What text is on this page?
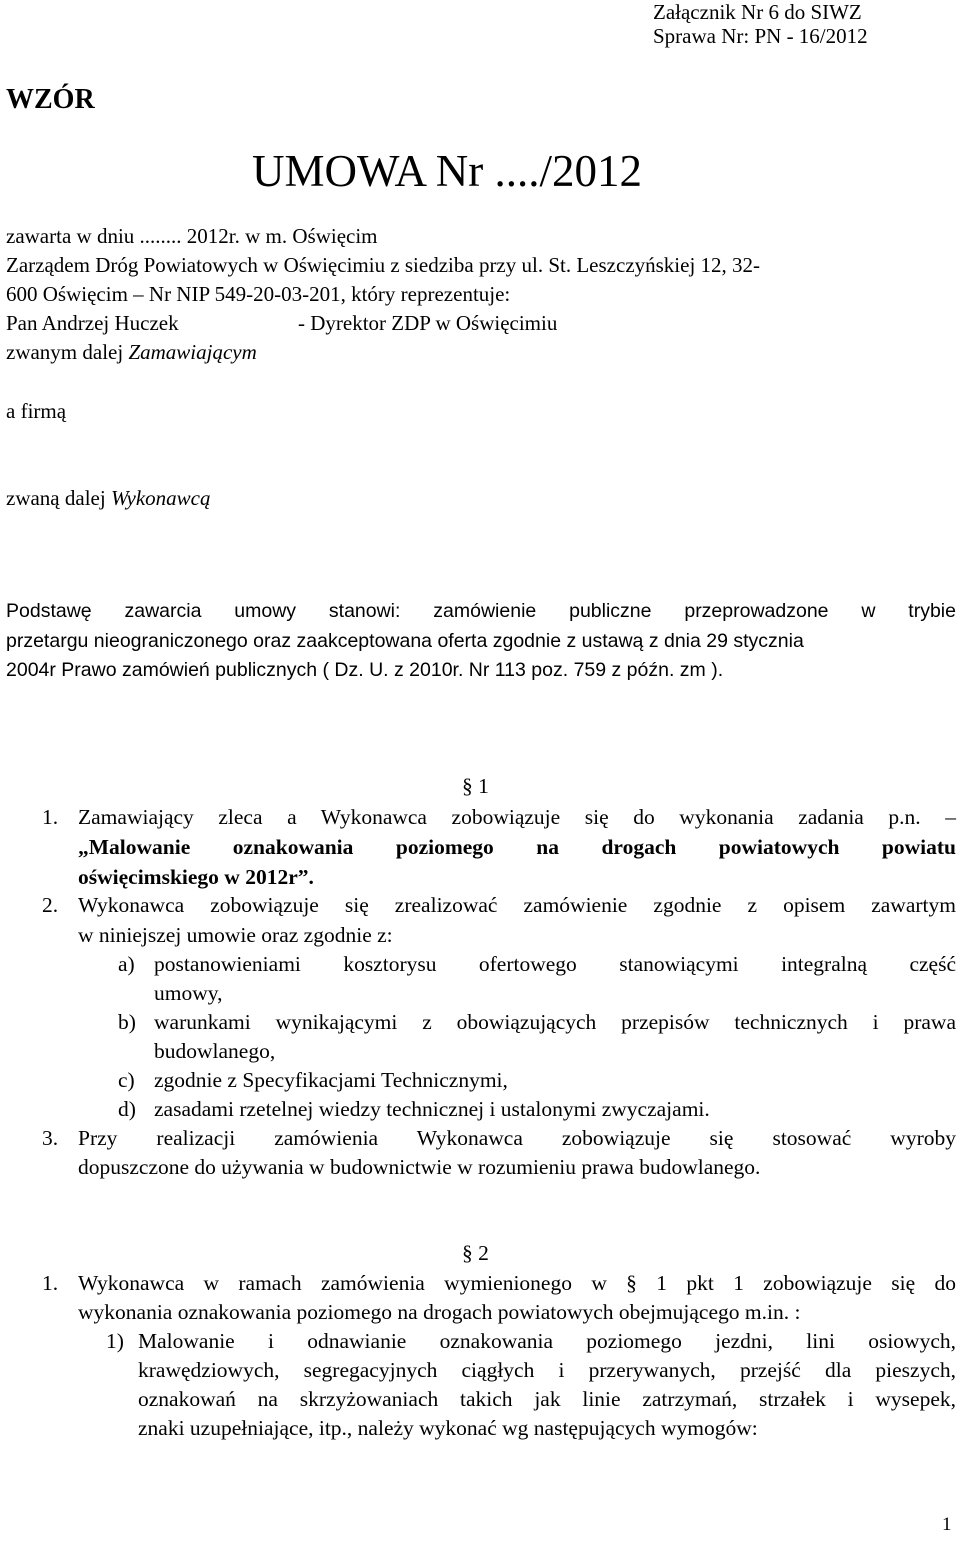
Załącznik Nr 6 do SIWZ
Sprawa Nr: PN - 16/2012
WZÓR
UMOWA Nr ..../2012
zawarta w dniu ........ 2012r. w m. Oświęcim
Zarządem Dróg Powiatowych w Oświęcimiu z siedziba przy ul. St. Leszczyńskiej 12, 32-
600 Oświęcim – Nr NIP 549-20-03-201, który reprezentuje:
Pan Andrzej Huczek	- Dyrektor ZDP w Oświęcimiu
zwanym dalej Zamawiającym
a firmą
zwaną dalej Wykonawcą
Podstawę zawarcia umowy stanowi: zamówienie publiczne przeprowadzone w trybie
przetargu nieograniczonego oraz zaakceptowana oferta zgodnie z ustawą z dnia 29 stycznia
2004r Prawo zamówień publicznych ( Dz. U. z 2010r. Nr 113 poz. 759 z późn. zm ).
§ 1
1. Zamawiający zleca a Wykonawca zobowiązuje się do wykonania zadania p.n. –
„Malowanie oznakowania poziomego na drogach powiatowych powiatu
oświęcimskiego w 2012r”.
2. Wykonawca zobowiązuje się zrealizować zamówienie zgodnie z opisem zawartym
w niniejszej umowie oraz zgodnie z:
a) postanowieniami kosztorysu ofertowego stanowiącymi integralną część
umowy,
b) warunkami wynikającymi z obowiązujących przepisów technicznych i prawa
budowlanego,
c) zgodnie z Specyfikacjami Technicznymi,
d) zasadami rzetelnej wiedzy technicznej i ustalonymi zwyczajami.
3. Przy realizacji zamówienia Wykonawca zobowiązuje się stosować wyroby
dopuszczone do używania w budownictwie w rozumieniu prawa budowlanego.
§ 2
1. Wykonawca w ramach zamówienia wymienionego w § 1 pkt 1 zobowiązuje się do
wykonania oznakowania poziomego na drogach powiatowych obejmującego m.in. :
1) Malowanie i odnawianie oznakowania poziomego jezdni, lini osiowych,
krawędziowych, segregacyjnych ciągłych i przerywanych, przejść dla pieszych,
oznakowań na skrzyżowaniach takich jak linie zatrzymań, strzałek i wysepek,
znaki uzupełniające, itp., należy wykonać wg następujących wymogów:
1
